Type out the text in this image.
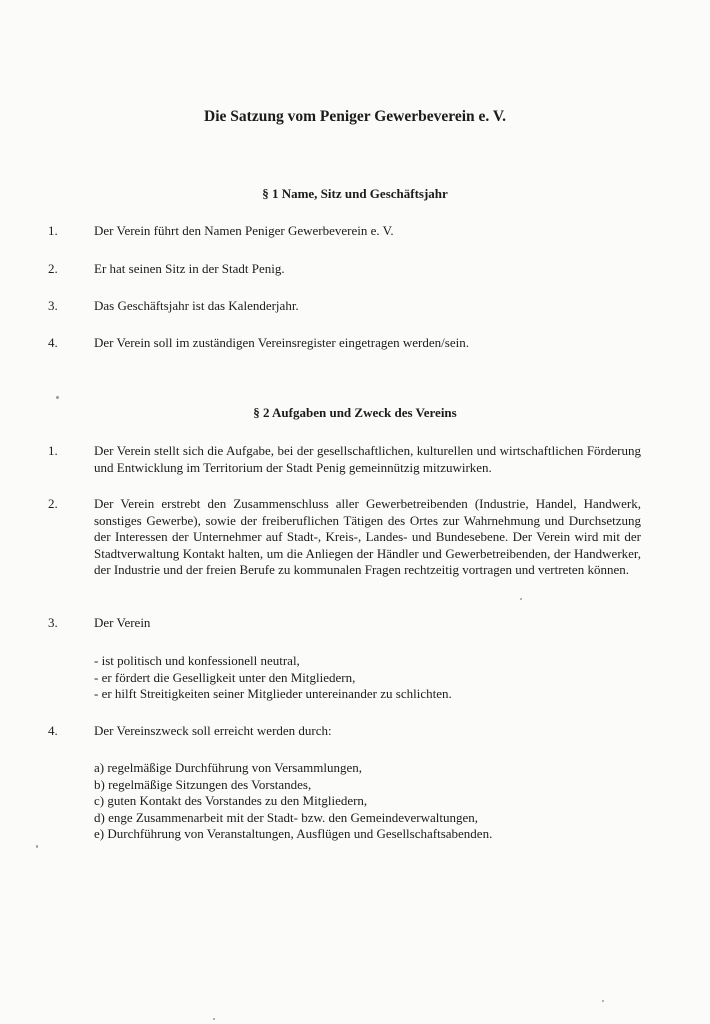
Die Satzung vom Peniger Gewerbeverein e. V.
§ 1 Name, Sitz und Geschäftsjahr
1.	Der Verein führt den Namen Peniger Gewerbeverein e. V.
2.	Er hat seinen Sitz in der Stadt Penig.
3.	Das Geschäftsjahr ist das Kalenderjahr.
4.	Der Verein soll im zuständigen Vereinsregister eingetragen werden/sein.
§ 2 Aufgaben und Zweck des Vereins
1.	Der Verein stellt sich die Aufgabe, bei der gesellschaftlichen, kulturellen und wirtschaftlichen Förderung und Entwicklung im Territorium der Stadt Penig gemeinnützig mitzuwirken.
2.	Der Verein erstrebt den Zusammenschluss aller Gewerbetreibenden (Industrie, Handel, Handwerk, sonstiges Gewerbe), sowie der freiberuflichen Tätigen des Ortes zur Wahrnehmung und Durchsetzung der Interessen der Unternehmer auf Stadt-, Kreis-, Landes- und Bundesebene. Der Verein wird mit der Stadtverwaltung Kontakt halten, um die Anliegen der Händler und Gewerbetreibenden, der Handwerker, der Industrie und der freien Berufe zu kommunalen Fragen rechtzeitig vortragen und vertreten können.
3.	Der Verein
- ist politisch und konfessionell neutral,
- er fördert die Geselligkeit unter den Mitgliedern,
- er hilft Streitigkeiten seiner Mitglieder untereinander zu schlichten.
4.	Der Vereinszweck soll erreicht werden durch:
a) regelmäßige Durchführung von Versammlungen,
b) regelmäßige Sitzungen des Vorstandes,
c) guten Kontakt des Vorstandes zu den Mitgliedern,
d) enge Zusammenarbeit mit der Stadt- bzw. den Gemeindeverwaltungen,
e) Durchführung von Veranstaltungen, Ausflügen und Gesellschaftsabenden.
